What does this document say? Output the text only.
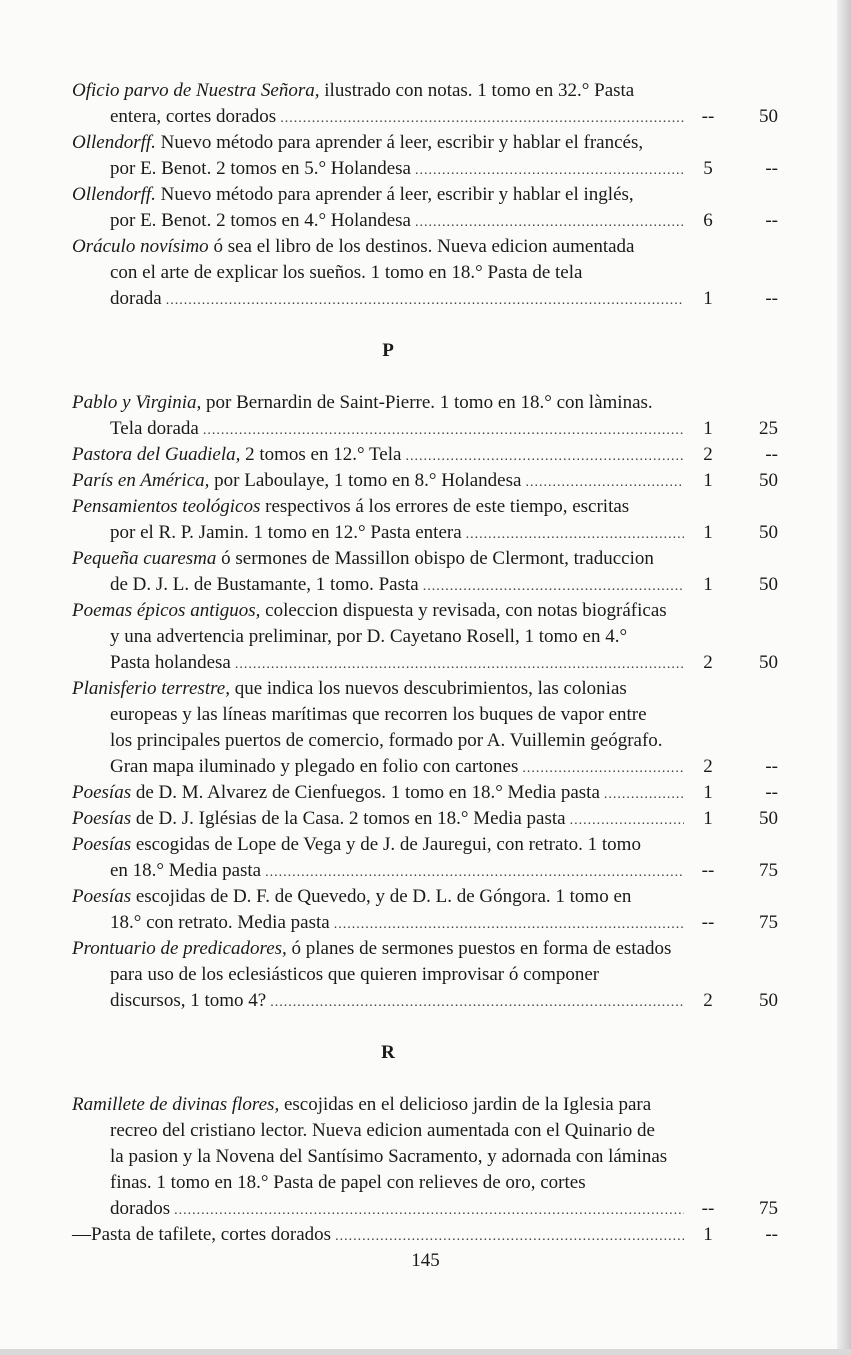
Oficio parvo de Nuestra Señora, ilustrado con notas. 1 tomo en 32.° Pasta
entera, cortes dorados .....	--	50
Ollendorff. Nuevo método para aprender á leer, escribir y hablar el francés,
por E. Benot. 2 tomos en 5.° Holandesa .....	5	--
Ollendorff. Nuevo método para aprender á leer, escribir y hablar el inglés,
por E. Benot. 2 tomos en 4.° Holandesa .....	6	--
Oráculo novísimo ó sea el libro de los destinos. Nueva edicion aumentada
con el arte de explicar los sueños. 1 tomo en 18.° Pasta de tela
dorada .....	1	--
P
Pablo y Virginia, por Bernardin de Saint-Pierre. 1 tomo en 18.° con làminas.
Tela dorada .....	1	25
Pastora del Guadiela, 2 tomos en 12.° Tela .....	2	--
París en América, por Laboulaye, 1 tomo en 8.° Holandesa .....	1	50
Pensamientos teológicos respectivos á los errores de este tiempo, escritas
por el R. P. Jamin. 1 tomo en 12.° Pasta entera .....	1	50
Pequeña cuaresma ó sermones de Massillon obispo de Clermont, traduccion
de D. J. L. de Bustamante, 1 tomo. Pasta .....	1	50
Poemas épicos antiguos, coleccion dispuesta y revisada, con notas biográficas
y una advertencia preliminar, por D. Cayetano Rosell, 1 tomo en 4.°
Pasta holandesa .....	2	50
Planisferio terrestre, que indica los nuevos descubrimientos, las colonias
europeas y las líneas marítimas que recorren los buques de vapor entre
los principales puertos de comercio, formado por A. Vuillemin geógrafo.
Gran mapa iluminado y plegado en folio con cartones .....	2	--
Poesías de D. M. Alvarez de Cienfuegos. 1 tomo en 18.° Media pasta .....	1	--
Poesías de D. J. Iglésias de la Casa. 2 tomos en 18.° Media pasta .....	1	50
Poesías escogidas de Lope de Vega y de J. de Jauregui, con retrato. 1 tomo
en 18.° Media pasta .....	--	75
Poesías escojidas de D. F. de Quevedo, y de D. L. de Góngora. 1 tomo en
18.° con retrato. Media pasta .....	--	75
Prontuario de predicadores, ó planes de sermones puestos en forma de estados
para uso de los eclesiásticos que quieren improvisar ó componer
discursos, 1 tomo 4? .....	2	50
R
Ramillete de divinas flores, escojidas en el delicioso jardin de la Iglesia para
recreo del cristiano lector. Nueva edicion aumentada con el Quinario de
la pasion y la Novena del Santísimo Sacramento, y adornada con láminas
finas. 1 tomo en 18.° Pasta de papel con relieves de oro, cortes
dorados .....	--	75
—Pasta de tafilete, cortes dorados .....	1	--
145
